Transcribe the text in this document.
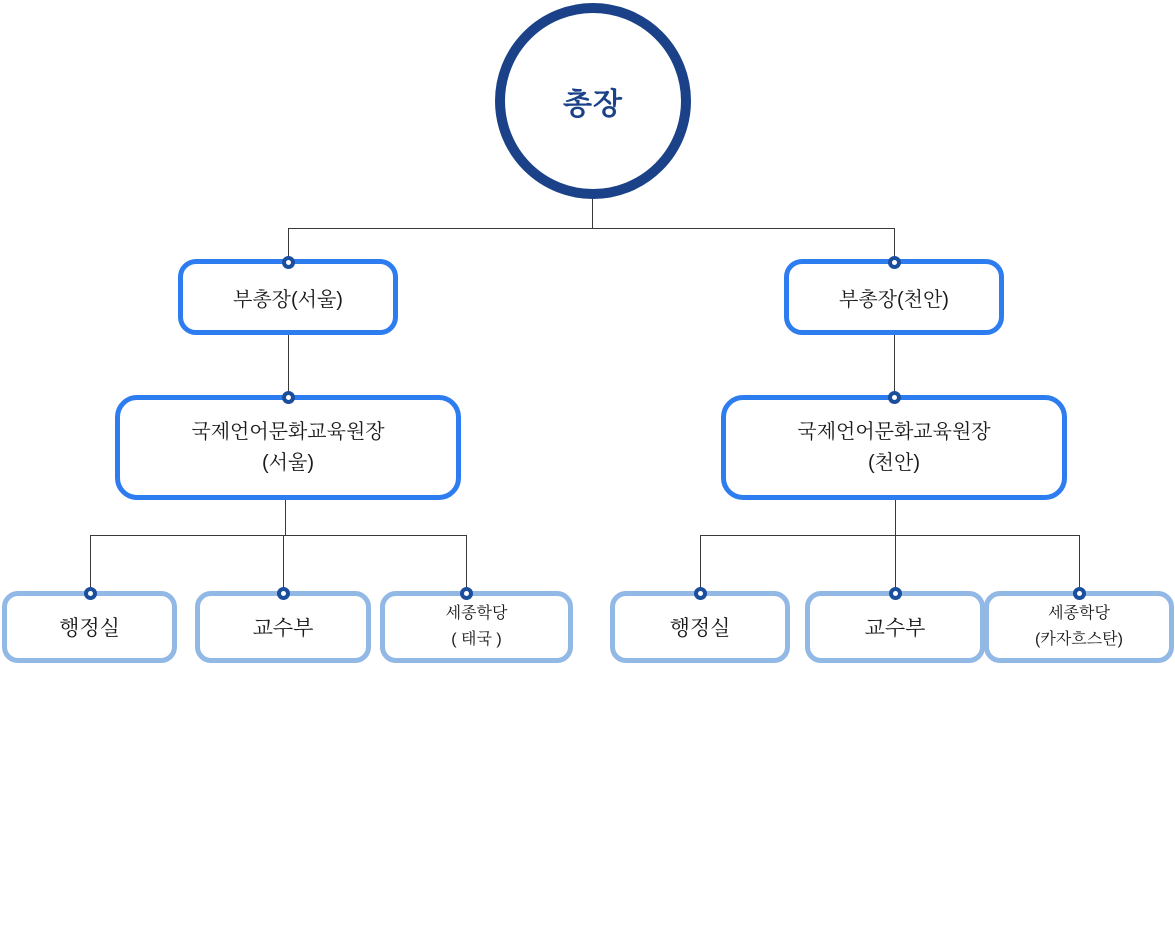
총장
부총장(서울)	부총장(천안)
국제언어문화교육원장
(서울)
국제언어문화교육원장
(천안)
행정실	교수부
세종학당
( 태국 )	행정실	교수부
세종학당
(카자흐스탄)
